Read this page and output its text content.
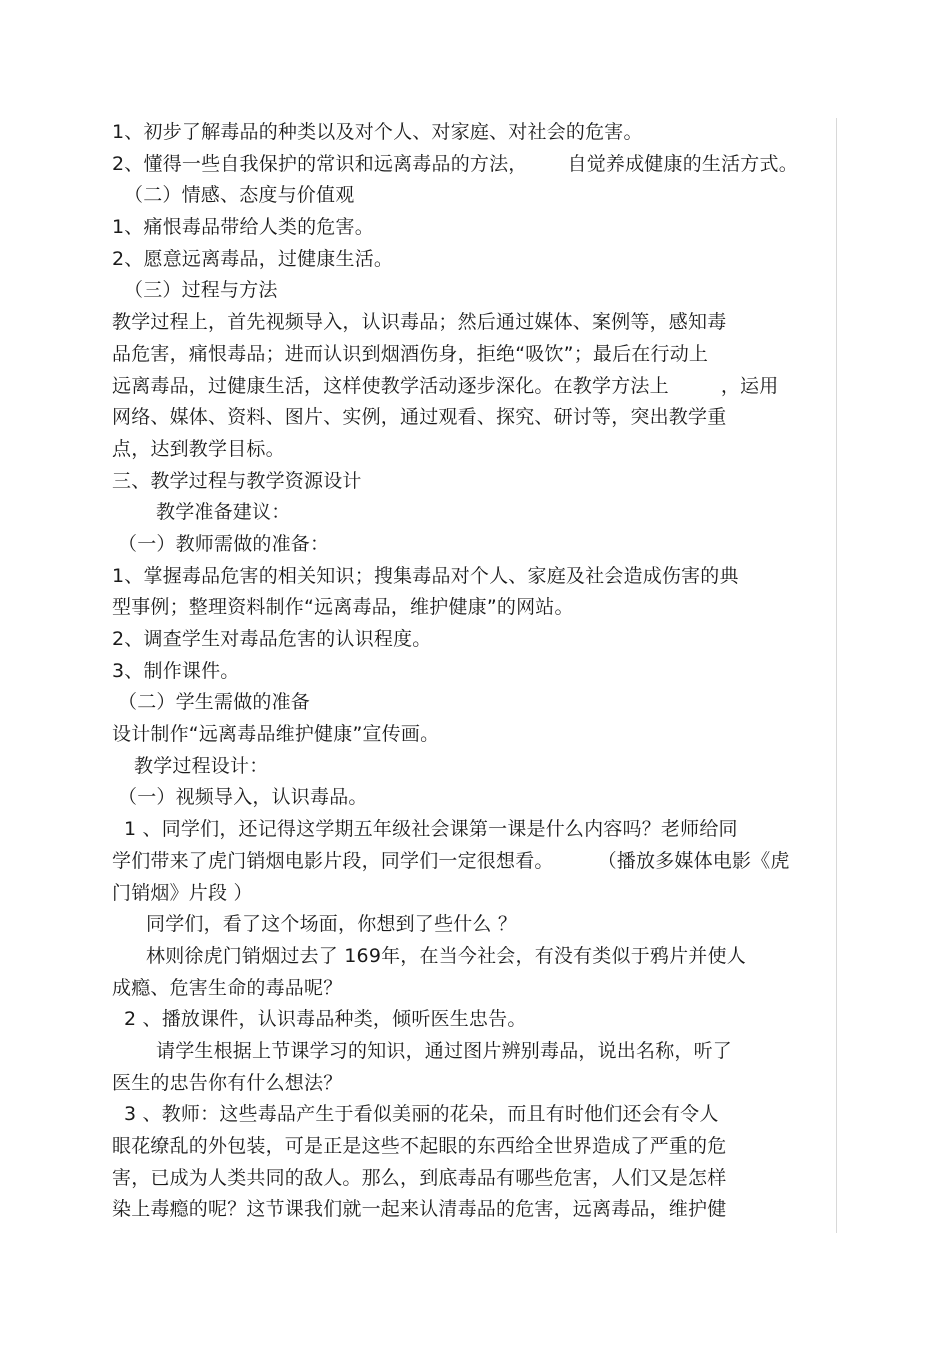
1、初步了解毒品的种类以及对个人、对家庭、对社会的危害。
2、懂得一些自我保护的常识和远离毒品的方法， 自觉养成健康的生活方式。
（二）情感、态度与价值观
1、痛恨毒品带给人类的危害。
2、愿意远离毒品，过健康生活。
（三）过程与方法
教学过程上，首先视频导入，认识毒品；然后通过媒体、案例等，感知毒
品危害，痛恨毒品；进而认识到烟酒伤身，拒绝“吸饮”；最后在行动上
远离毒品，过健康生活，这样使教学活动逐步深化。在教学方法上	，运用
网络、媒体、资料、图片、实例，通过观看、探究、研讨等，突出教学重
点，达到教学目标。
三、教学过程与教学资源设计
教学准备建议：
（一）教师需做的准备：
1、掌握毒品危害的相关知识；搜集毒品对个人、家庭及社会造成伤害的典
型事例；整理资料制作“远离毒品，维护健康”的网站。
2、调查学生对毒品危害的认识程度。
3、制作课件。
（二）学生需做的准备
设计制作“远离毒品维护健康”宣传画。
教学过程设计：
（一）视频导入，认识毒品。
1 、同学们，还记得这学期五年级社会课第一课是什么内容吗？老师给同
学们带来了虎门销烟电影片段，同学们一定很想看。 （播放多媒体电影《虎
门销烟》片段 ）
同学们，看了这个场面，你想到了些什么 ？
林则徐虎门销烟过去了 169年，在当今社会，有没有类似于鸦片并使人
成瘾、危害生命的毒品呢？
2 、播放课件，认识毒品种类，倾听医生忠告。
请学生根据上节课学习的知识，通过图片辨别毒品，说出名称，听了
医生的忠告你有什么想法？
3 、教师：这些毒品产生于看似美丽的花朵，而且有时他们还会有令人
眼花缭乱的外包装，可是正是这些不起眼的东西给全世界造成了严重的危
害，已成为人类共同的敌人。那么，到底毒品有哪些危害，人们又是怎样
染上毒瘾的呢？这节课我们就一起来认清毒品的危害，远离毒品，维护健
